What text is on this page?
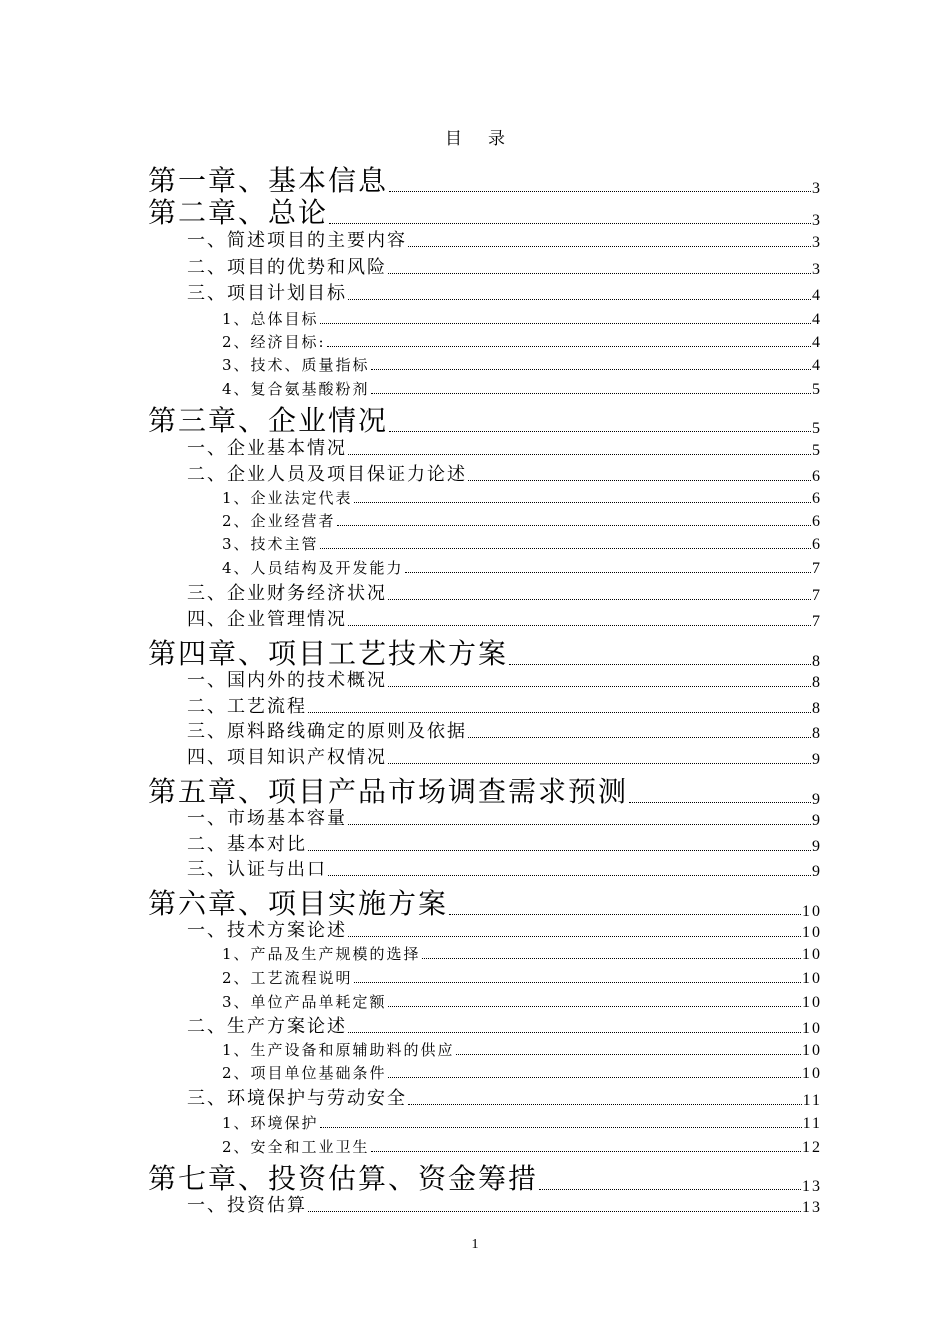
目 录
第一章、基本信息	3
第二章、总论	3
一、简述项目的主要内容	3
二、项目的优势和风险	3
三、项目计划目标	4
1、总体目标	4
2、经济目标:	4
3、技术、质量指标	4
4、复合氨基酸粉剂	5
第三章、企业情况	5
一、企业基本情况	5
二、企业人员及项目保证力论述	6
1、企业法定代表	6
2、企业经营者	6
3、技术主管	6
4、人员结构及开发能力	7
三、企业财务经济状况	7
四、企业管理情况	7
第四章、项目工艺技术方案	8
一、国内外的技术概况	8
二、工艺流程	8
三、原料路线确定的原则及依据	8
四、项目知识产权情况	9
第五章、项目产品市场调查需求预测	9
一、市场基本容量	9
二、基本对比	9
三、认证与出口	9
第六章、项目实施方案	10
一、技术方案论述	10
1、产品及生产规模的选择	10
2、工艺流程说明	10
3、单位产品单耗定额	10
二、生产方案论述	10
1、生产设备和原辅助料的供应	10
2、项目单位基础条件	10
三、环境保护与劳动安全	11
1、环境保护	11
2、安全和工业卫生	12
第七章、投资估算、资金筹措	13
一、投资估算	13
1
